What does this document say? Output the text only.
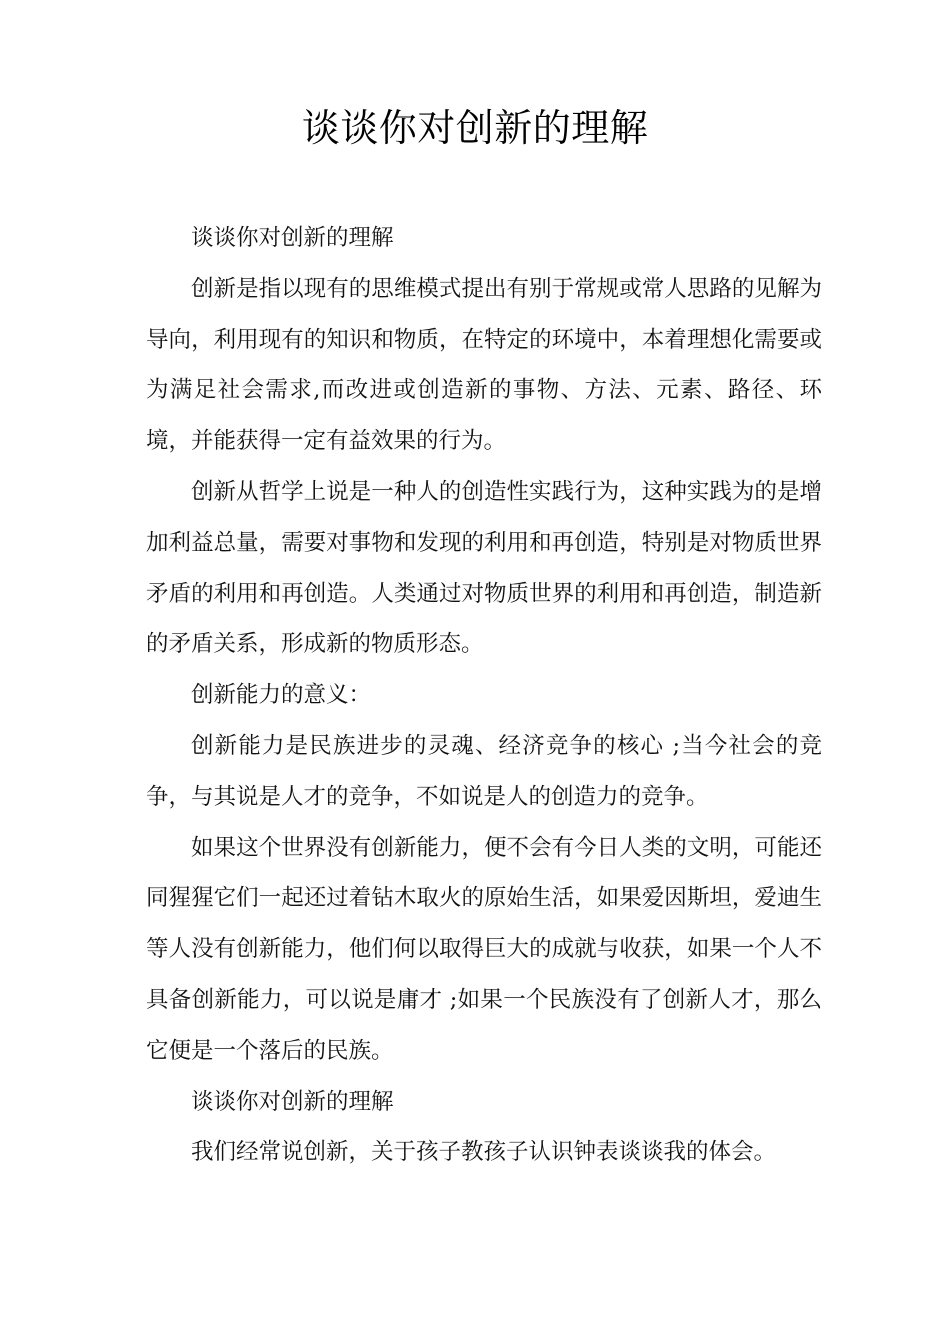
谈谈你对创新的理解

谈谈你对创新的理解

创新是指以现有的思维模式提出有别于常规或常人思路的见解为导向，利用现有的知识和物质，在特定的环境中，本着理想化需要或为满足社会需求,而改进或创造新的事物、方法、元素、路径、环境，并能获得一定有益效果的行为。

创新从哲学上说是一种人的创造性实践行为，这种实践为的是增加利益总量，需要对事物和发现的利用和再创造，特别是对物质世界矛盾的利用和再创造。人类通过对物质世界的利用和再创造，制造新的矛盾关系，形成新的物质形态。

创新能力的意义：

创新能力是民族进步的灵魂、经济竞争的核心 ;当今社会的竞争，与其说是人才的竞争，不如说是人的创造力的竞争。

如果这个世界没有创新能力，便不会有今日人类的文明，可能还同猩猩它们一起还过着钻木取火的原始生活，如果爱因斯坦，爱迪生等人没有创新能力，他们何以取得巨大的成就与收获，如果一个人不具备创新能力，可以说是庸才 ;如果一个民族没有了创新人才，那么它便是一个落后的民族。

谈谈你对创新的理解

我们经常说创新，关于孩子教孩子认识钟表谈谈我的体会。
